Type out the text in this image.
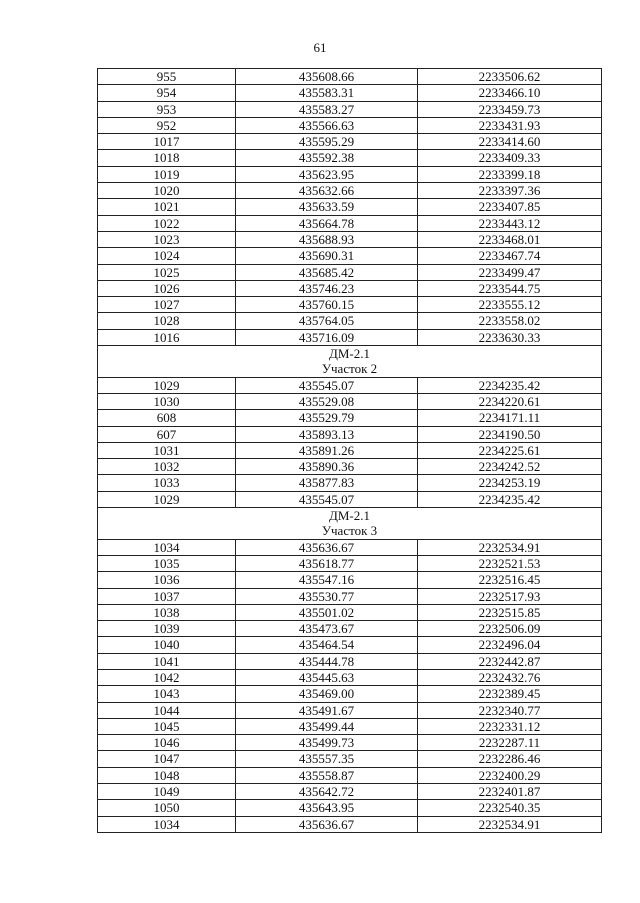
61
955	435608.66	2233506.62
954	435583.31	2233466.10
953	435583.27	2233459.73
952	435566.63	2233431.93
1017	435595.29	2233414.60
1018	435592.38	2233409.33
1019	435623.95	2233399.18
1020	435632.66	2233397.36
1021	435633.59	2233407.85
1022	435664.78	2233443.12
1023	435688.93	2233468.01
1024	435690.31	2233467.74
1025	435685.42	2233499.47
1026	435746.23	2233544.75
1027	435760.15	2233555.12
1028	435764.05	2233558.02
1016	435716.09	2233630.33

ДМ-2.1
Участок 2		

1029	435545.07	2234235.42
1030	435529.08	2234220.61
608	435529.79	2234171.11
607	435893.13	2234190.50
1031	435891.26	2234225.61
1032	435890.36	2234242.52
1033	435877.83	2234253.19
1029	435545.07	2234235.42

ДМ-2.1
Участок 3		

1034	435636.67	2232534.91
1035	435618.77	2232521.53
1036	435547.16	2232516.45
1037	435530.77	2232517.93
1038	435501.02	2232515.85
1039	435473.67	2232506.09
1040	435464.54	2232496.04
1041	435444.78	2232442.87
1042	435445.63	2232432.76
1043	435469.00	2232389.45
1044	435491.67	2232340.77
1045	435499.44	2232331.12
1046	435499.73	2232287.11
1047	435557.35	2232286.46
1048	435558.87	2232400.29
1049	435642.72	2232401.87
1050	435643.95	2232540.35
1034	435636.67	2232534.91
